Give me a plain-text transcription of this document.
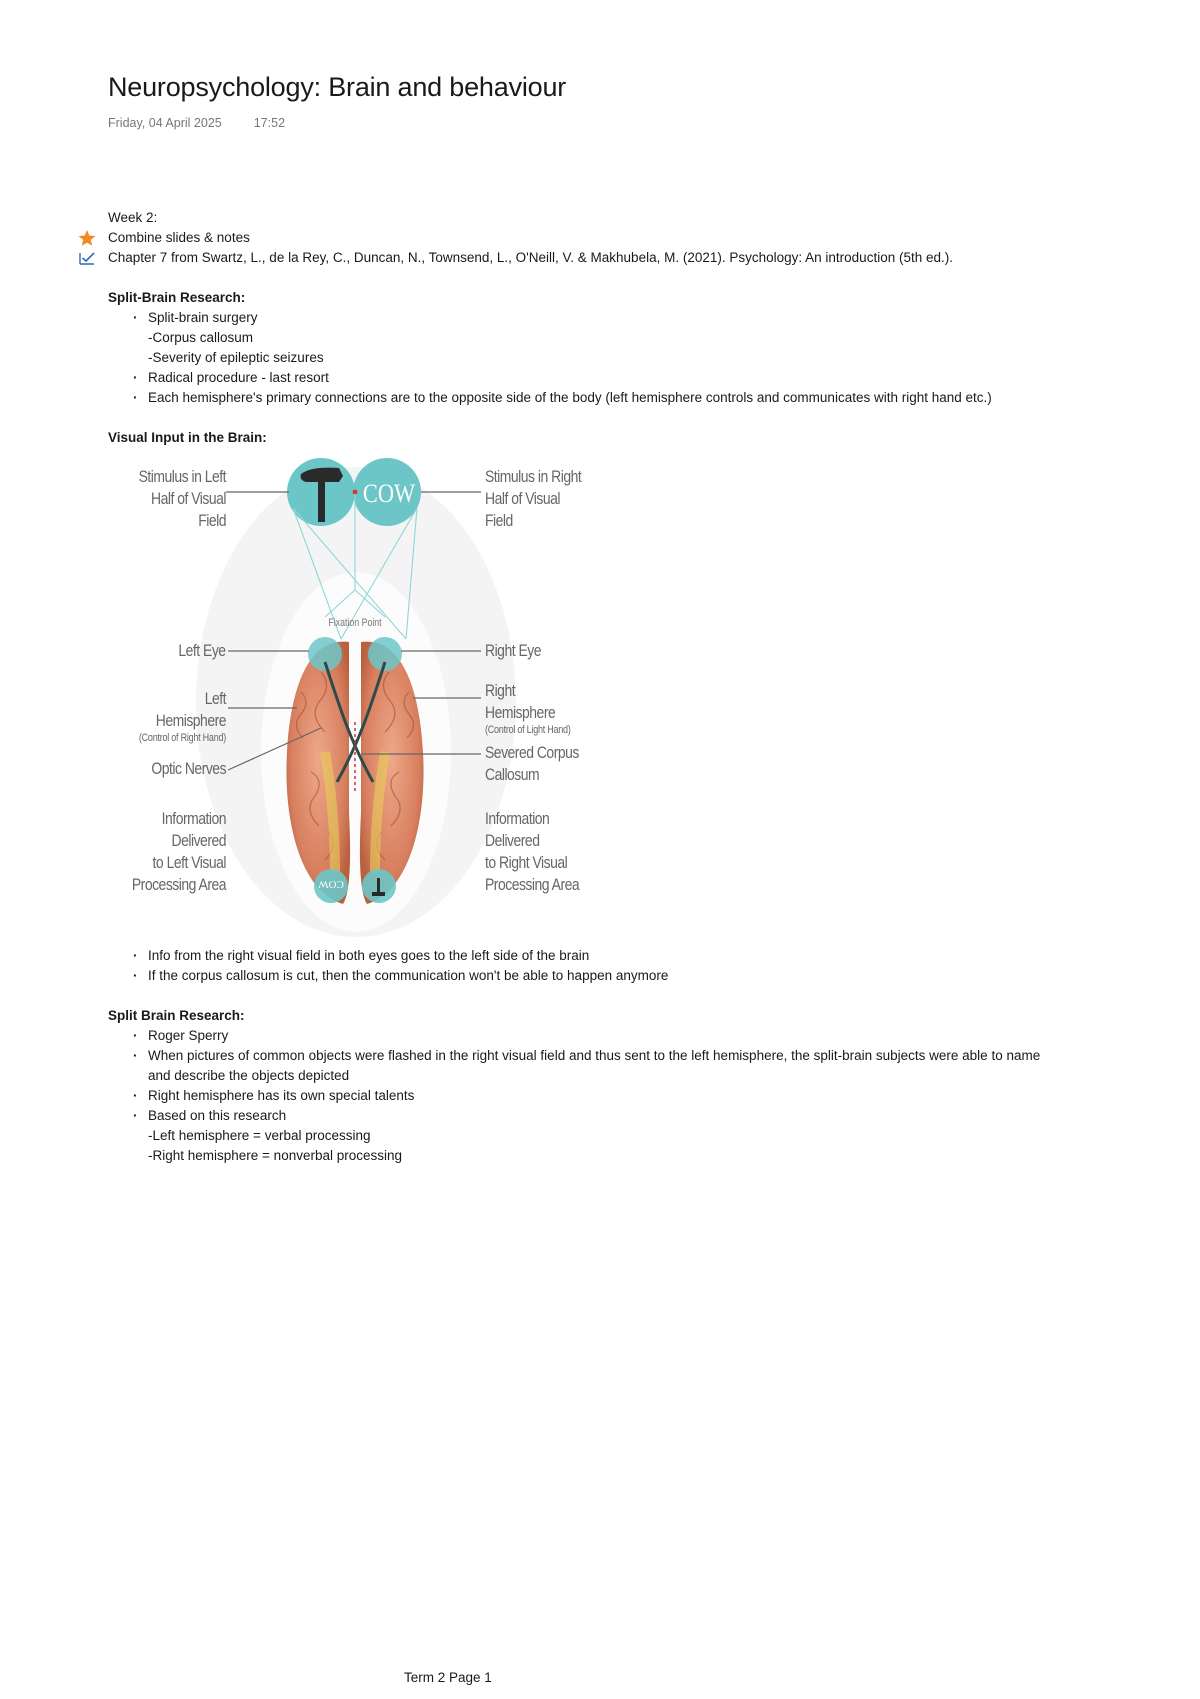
Neuropsychology: Brain and behaviour
Friday, 04 April 2025	17:52
Week 2:
Combine slides & notes
Chapter 7 from Swartz, L., de la Rey, C., Duncan, N., Townsend, L., O'Neill, V. & Makhubela, M. (2021). Psychology: An introduction (5th ed.).
Split-Brain Research:
· Split-brain surgery
-Corpus callosum
-Severity of epileptic seizures
· Radical procedure - last resort
· Each hemisphere's primary connections are to the opposite side of the body (left hemisphere controls and communicates with right hand etc.)
Visual Input in the Brain:
COW
Fixation Point
COW
Stimulus in Left
Half of Visual Field
Stimulus in Right
Half of Visual Field
Left Eye	Right Eye
Left Hemisphere
(Control of Right Hand)
Right Hemisphere
(Control of Light Hand)
Optic Nerves
Severed Corpus
Callosum
Information Delivered
to Left Visual
Processing Area
Information Delivered
to Right Visual
Processing Area
· Info from the right visual field in both eyes goes to the left side of the brain
· If the corpus callosum is cut, then the communication won't be able to happen anymore
Split Brain Research:
· Roger Sperry
· When pictures of common objects were flashed in the right visual field and thus sent to the left hemisphere, the split-brain subjects were able to name and describe the objects depicted
· Right hemisphere has its own special talents
· Based on this research
-Left hemisphere = verbal processing
-Right hemisphere = nonverbal processing
Term 2 Page 1
